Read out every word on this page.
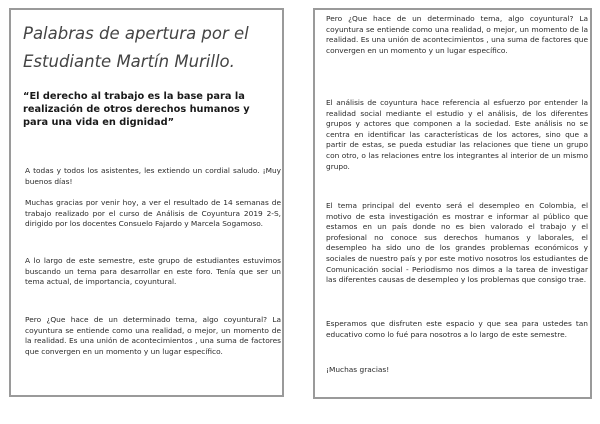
Palabras de apertura por el Estudiante Martín Murillo.

“El derecho al trabajo es la base para la realización de otros derechos humanos y para una vida en dignidad”

A todas y todos los asistentes, les extiendo un cordial saludo. ¡Muy buenos días!

Muchas gracias por venir hoy, a ver el resultado de 14 semanas de trabajo realizado por el curso de Análisis de Coyuntura 2019 2-S, dirigido por los docentes Consuelo Fajardo y Marcela Sogamoso.

A lo largo de este semestre, este grupo de estudiantes estuvimos buscando un tema para desarrollar en este foro. Tenía que ser un tema actual, de importancia, coyuntural.

Pero ¿Que hace de un determinado tema, algo coyuntural? La coyuntura se entiende como una realidad, o mejor, un momento de la realidad. Es una unión de acontecimientos , una suma de factores que convergen en un momento y un lugar específico.

Pero ¿Que hace de un determinado tema, algo coyuntural? La coyuntura se entiende como una realidad, o mejor, un momento de la realidad. Es una unión de acontecimientos , una suma de factores que convergen en un momento y un lugar específico.

El análisis de coyuntura hace referencia al esfuerzo por entender la realidad social mediante el estudio y el análisis, de los diferentes grupos y actores que componen a la sociedad. Este análisis no se centra en identificar las características de los actores, sino que a partir de estas, se pueda estudiar las relaciones que tiene un grupo con otro, o las relaciones entre los integrantes al interior de un mismo grupo.

El tema principal del evento será el desempleo en Colombia, el motivo de esta investigación es mostrar e informar al público que estamos en un país donde no es bien valorado el trabajo y el profesional no conoce sus derechos humanos y laborales, el desempleo ha sido uno de los grandes problemas económicos y sociales de nuestro país y por este motivo nosotros los estudiantes de Comunicación social - Periodismo nos dimos a la tarea de investigar las diferentes causas de desempleo y los problemas que consigo trae.

Esperamos que disfruten este espacio y que sea para ustedes tan educativo como lo fué para nosotros a lo largo de este semestre.

¡Muchas gracias!
